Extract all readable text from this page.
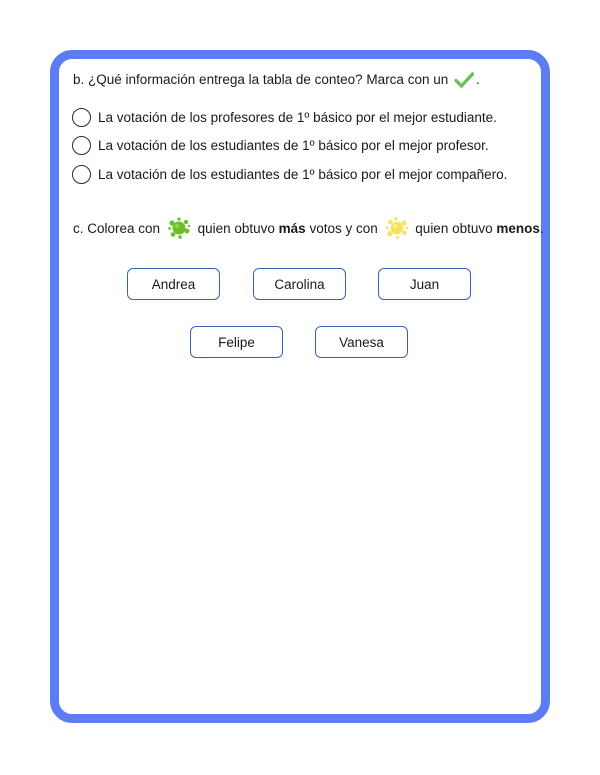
b. ¿Qué información entrega la tabla de conteo? Marca con un .
La votación de los profesores de 1º básico por el mejor estudiante.
La votación de los estudiantes de 1º básico por el mejor profesor.
La votación de los estudiantes de 1º básico por el mejor compañero.
c. Colorea con	quien obtuvo más votos y con	quien obtuvo menos.
Andrea	Carolina	Juan
Felipe	Vanesa
